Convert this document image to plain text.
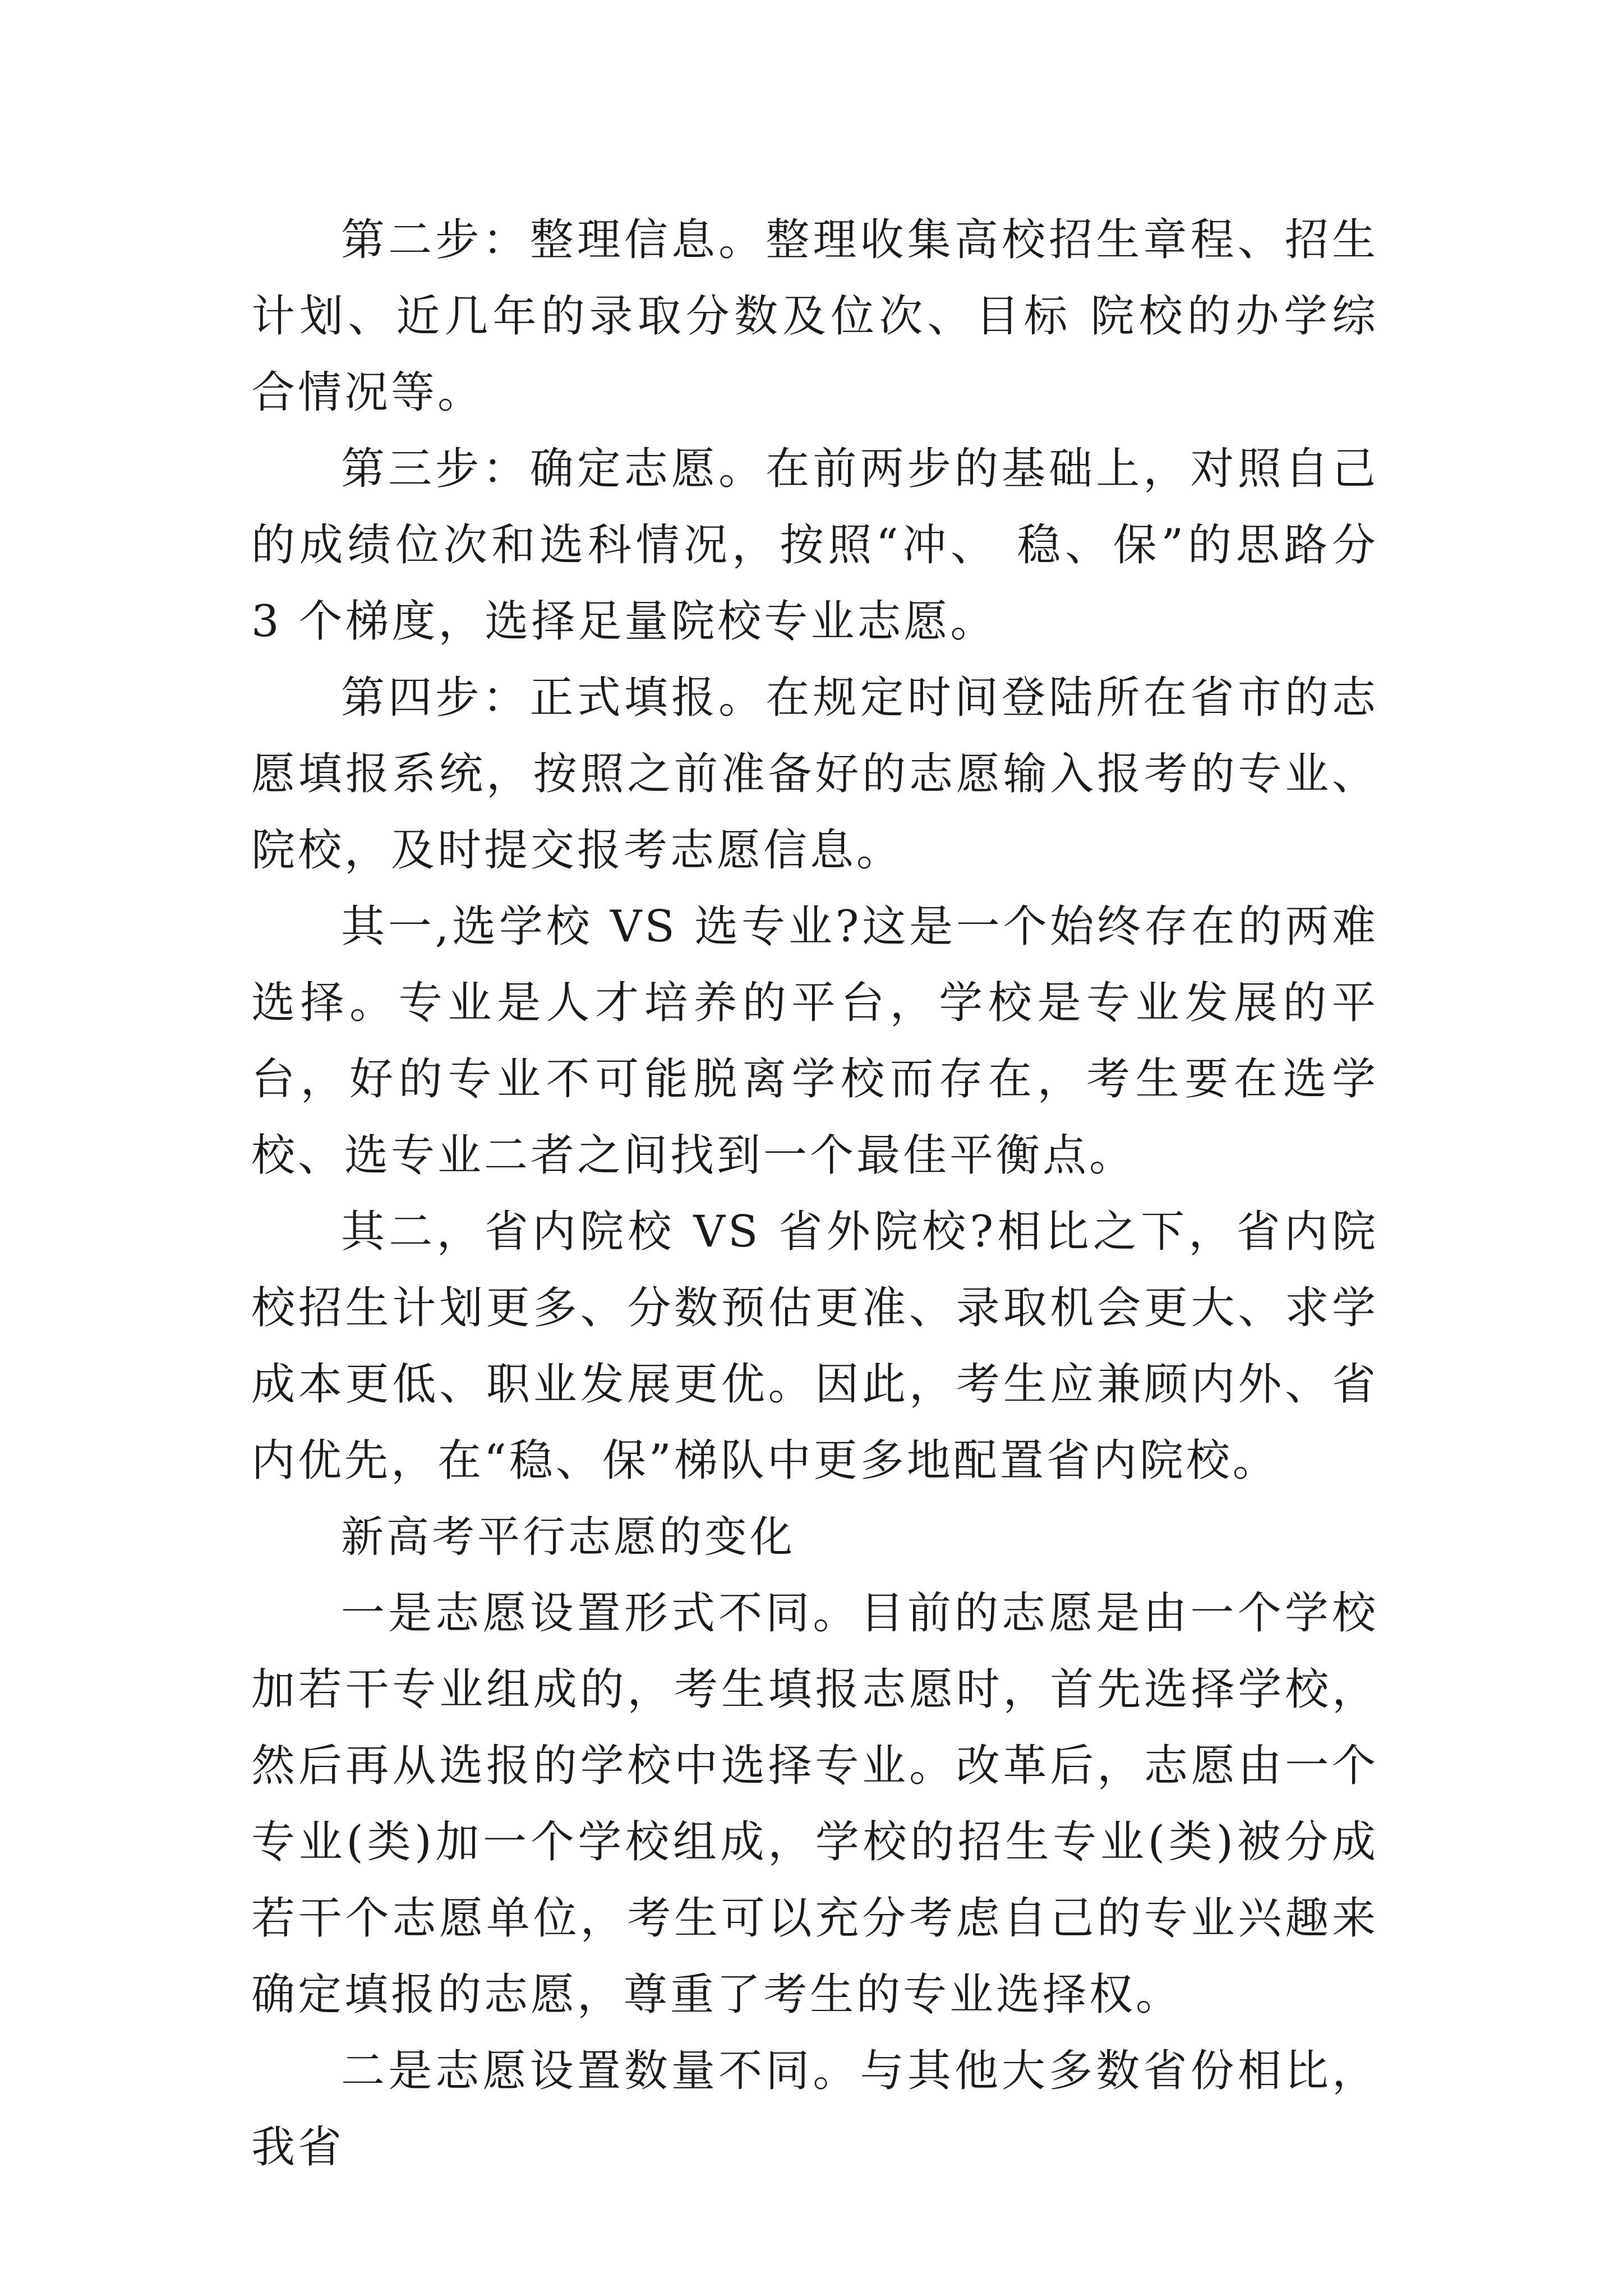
第二步：整理信息。整理收集高校招生章程、招生计划、近几年的录取分数及位次、目标 院校的办学综合情况等。

第三步：确定志愿。在前两步的基础上，对照自己的成绩位次和选科情况，按照“冲、 稳、保”的思路分 3 个梯度，选择足量院校专业志愿。

第四步：正式填报。在规定时间登陆所在省市的志愿填报系统，按照之前准备好的志愿输入报考的专业、院校，及时提交报考志愿信息。

其一,选学校 VS 选专业?这是一个始终存在的两难选择。专业是人才培养的平台，学校是专业发展的平台，好的专业不可能脱离学校而存在，考生要在选学校、选专业二者之间找到一个最佳平衡点。

其二，省内院校 VS 省外院校?相比之下，省内院校招生计划更多、分数预估更准、录取机会更大、求学成本更低、职业发展更优。因此，考生应兼顾内外、省内优先，在“稳、保”梯队中更多地配置省内院校。

新高考平行志愿的变化

一是志愿设置形式不同。目前的志愿是由一个学校加若干专业组成的，考生填报志愿时，首先选择学校，然后再从选报的学校中选择专业。改革后，志愿由一个专业(类)加一个学校组成，学校的招生专业(类)被分成若干个志愿单位，考生可以充分考虑自己的专业兴趣来确定填报的志愿，尊重了考生的专业选择权。

二是志愿设置数量不同。与其他大多数省份相比，我省
